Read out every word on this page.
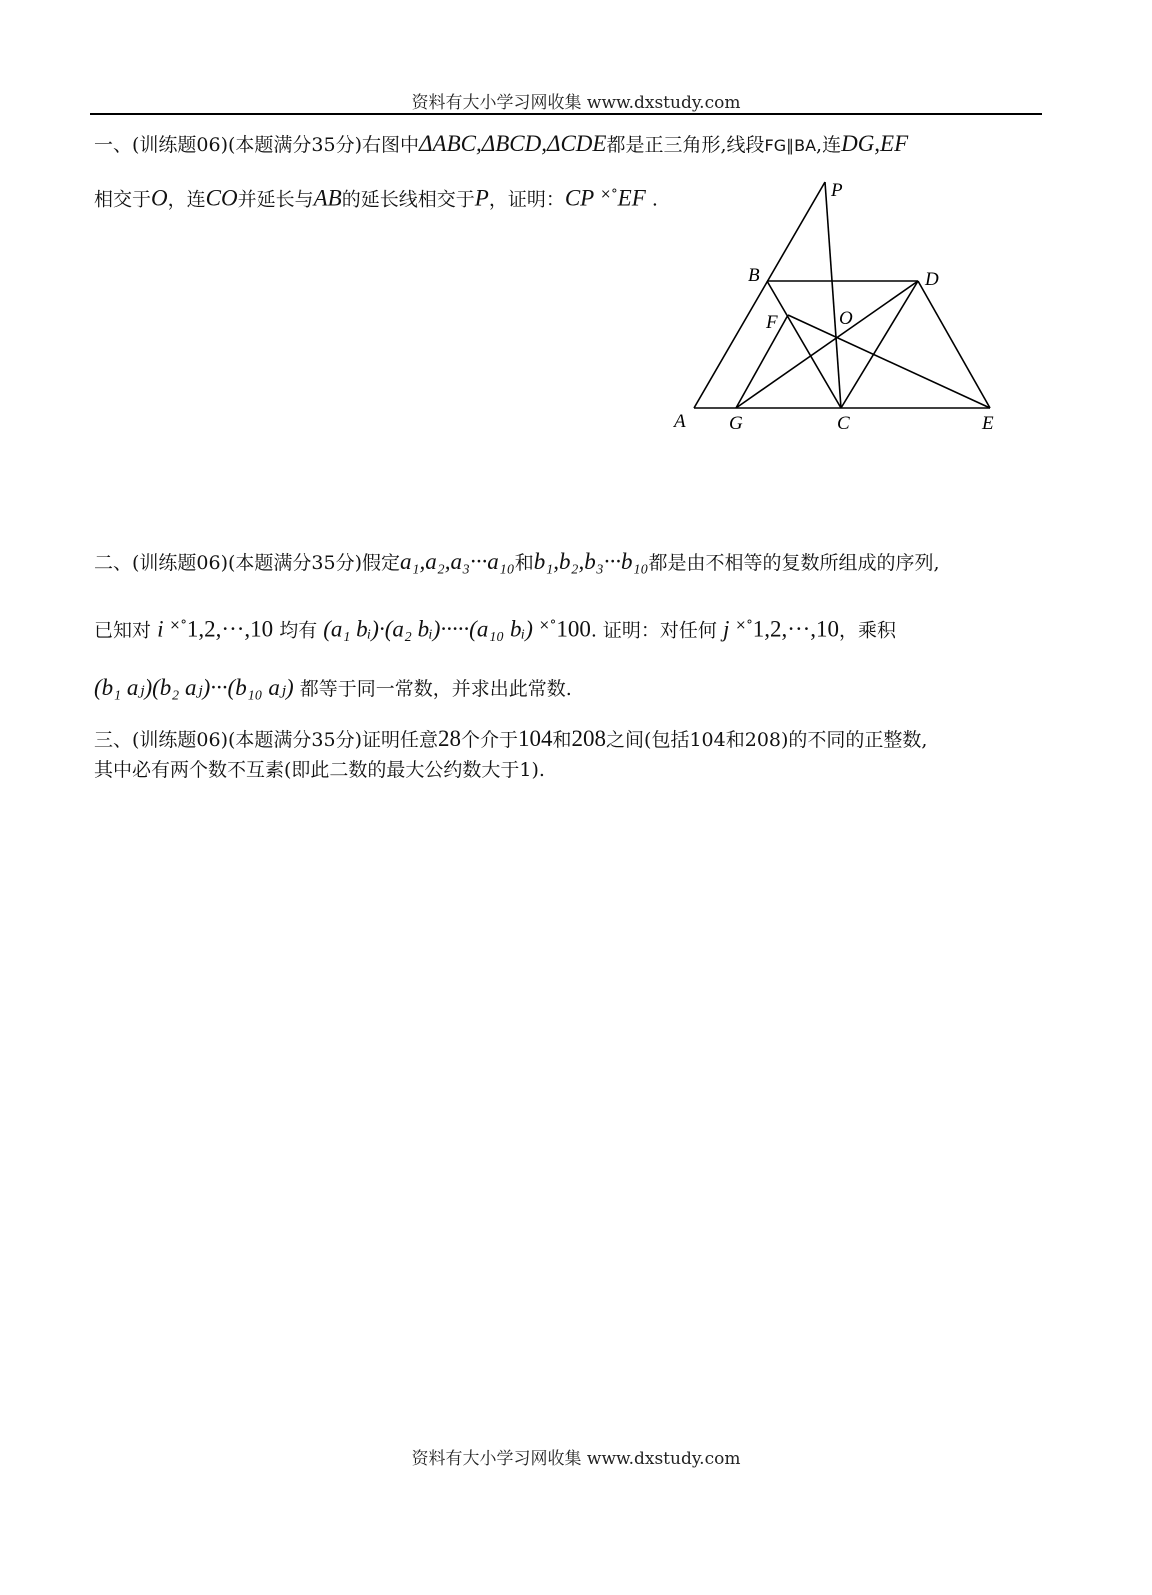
资料有大小学习网收集 www.dxstudy.com
一、(训练题06)(本题满分35分)右图中ΔABC,ΔBCD,ΔCDE都是正三角形,线段FG∥BA,连DG,EF
相交于O，连CO并延长与AB的延长线相交于P，证明：CP ×°EF .	P
B	D
F	O
A G	C	E
二、(训练题06)(本题满分35分)假定a₁,a₂,a₃···a₁₀和b₁,b₂,b₃···b₁₀都是由不相等的复数所组成的序列,
已知对 i ×°1,2,···,10 均有 (a₁ bᵢ)·(a₂ bᵢ)·····(a₁₀ bᵢ) ×°100. 证明：对任何 j ×°1,2,···,10，乘积
(b₁ aⱼ)(b₂ aⱼ)···(b₁₀ aⱼ) 都等于同一常数，并求出此常数.
三、(训练题06)(本题满分35分)证明任意28个介于104和208之间(包括104和208)的不同的正整数,
其中必有两个数不互素(即此二数的最大公约数大于1).
资料有大小学习网收集 www.dxstudy.com
